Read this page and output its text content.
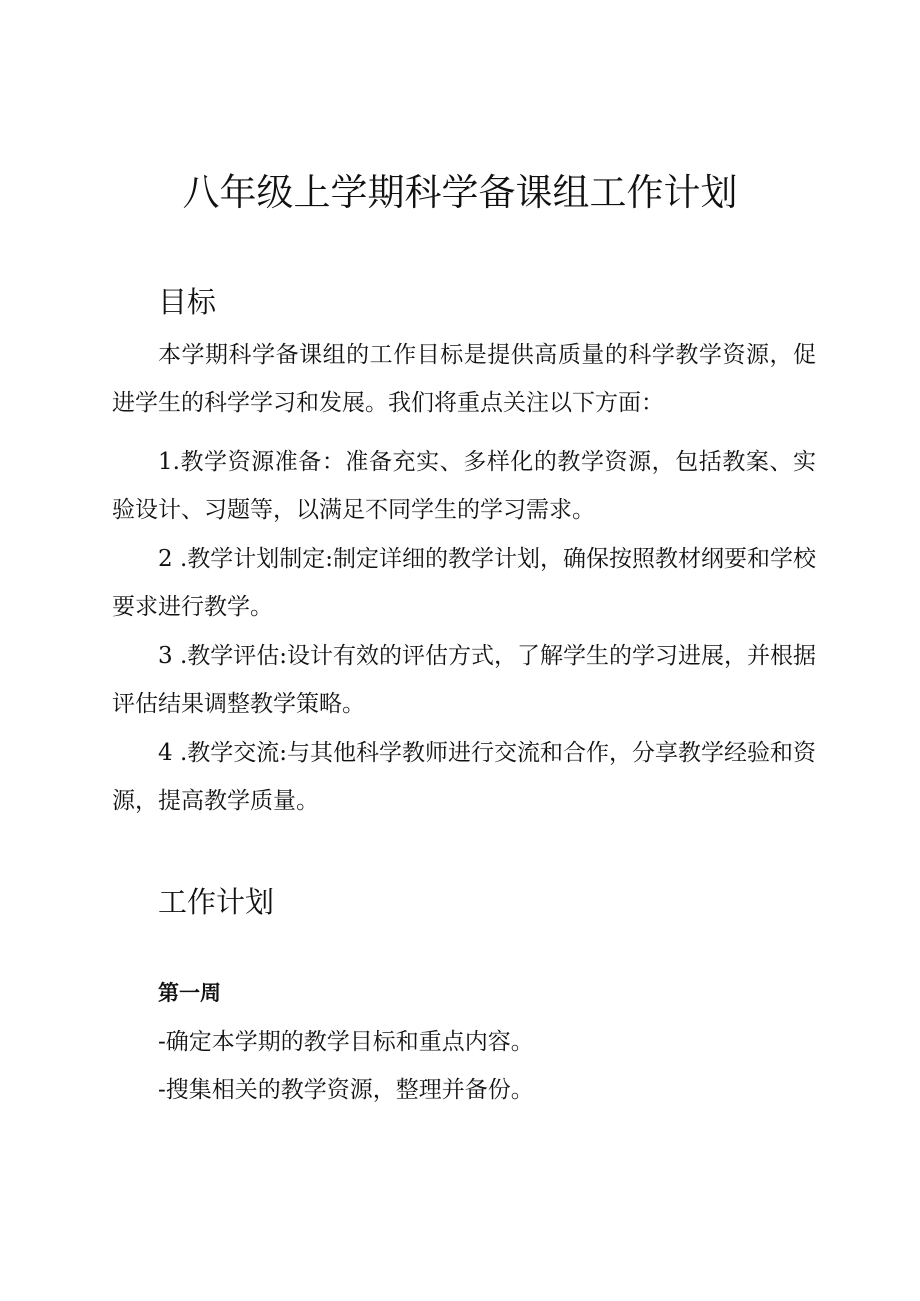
八年级上学期科学备课组工作计划
目标

本学期科学备课组的工作目标是提供高质量的科学教学资源，促进学生的科学学习和发展。我们将重点关注以下方面：

1.教学资源准备：准备充实、多样化的教学资源，包括教案、实验设计、习题等，以满足不同学生的学习需求。

2 .教学计划制定:制定详细的教学计划，确保按照教材纲要和学校要求进行教学。

3 .教学评估:设计有效的评估方式，了解学生的学习进展，并根据评估结果调整教学策略。

4 .教学交流:与其他科学教师进行交流和合作，分享教学经验和资源，提高教学质量。

工作计划
第一周
-确定本学期的教学目标和重点内容。
-搜集相关的教学资源，整理并备份。
